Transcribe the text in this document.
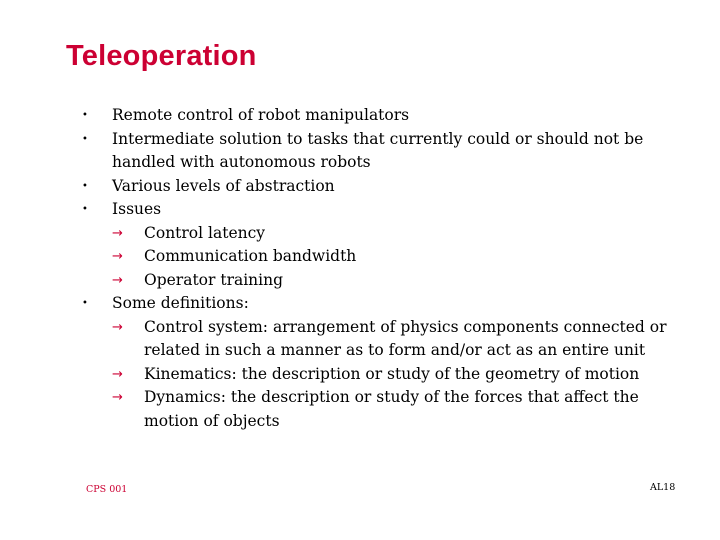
Teleoperation
• Remote control of robot manipulators
• Intermediate solution to tasks that currently could or should not be handled with autonomous robots
• Various levels of abstraction
• Issues
→ Control latency
→ Communication bandwidth
→ Operator training
• Some definitions:
→ Control system: arrangement of physics components connected or related in such a manner as to form and/or act as an entire unit
→ Kinematics: the description or study of the geometry of motion
→ Dynamics: the description or study of the forces that affect the motion of objects
CPS 001	AL18
